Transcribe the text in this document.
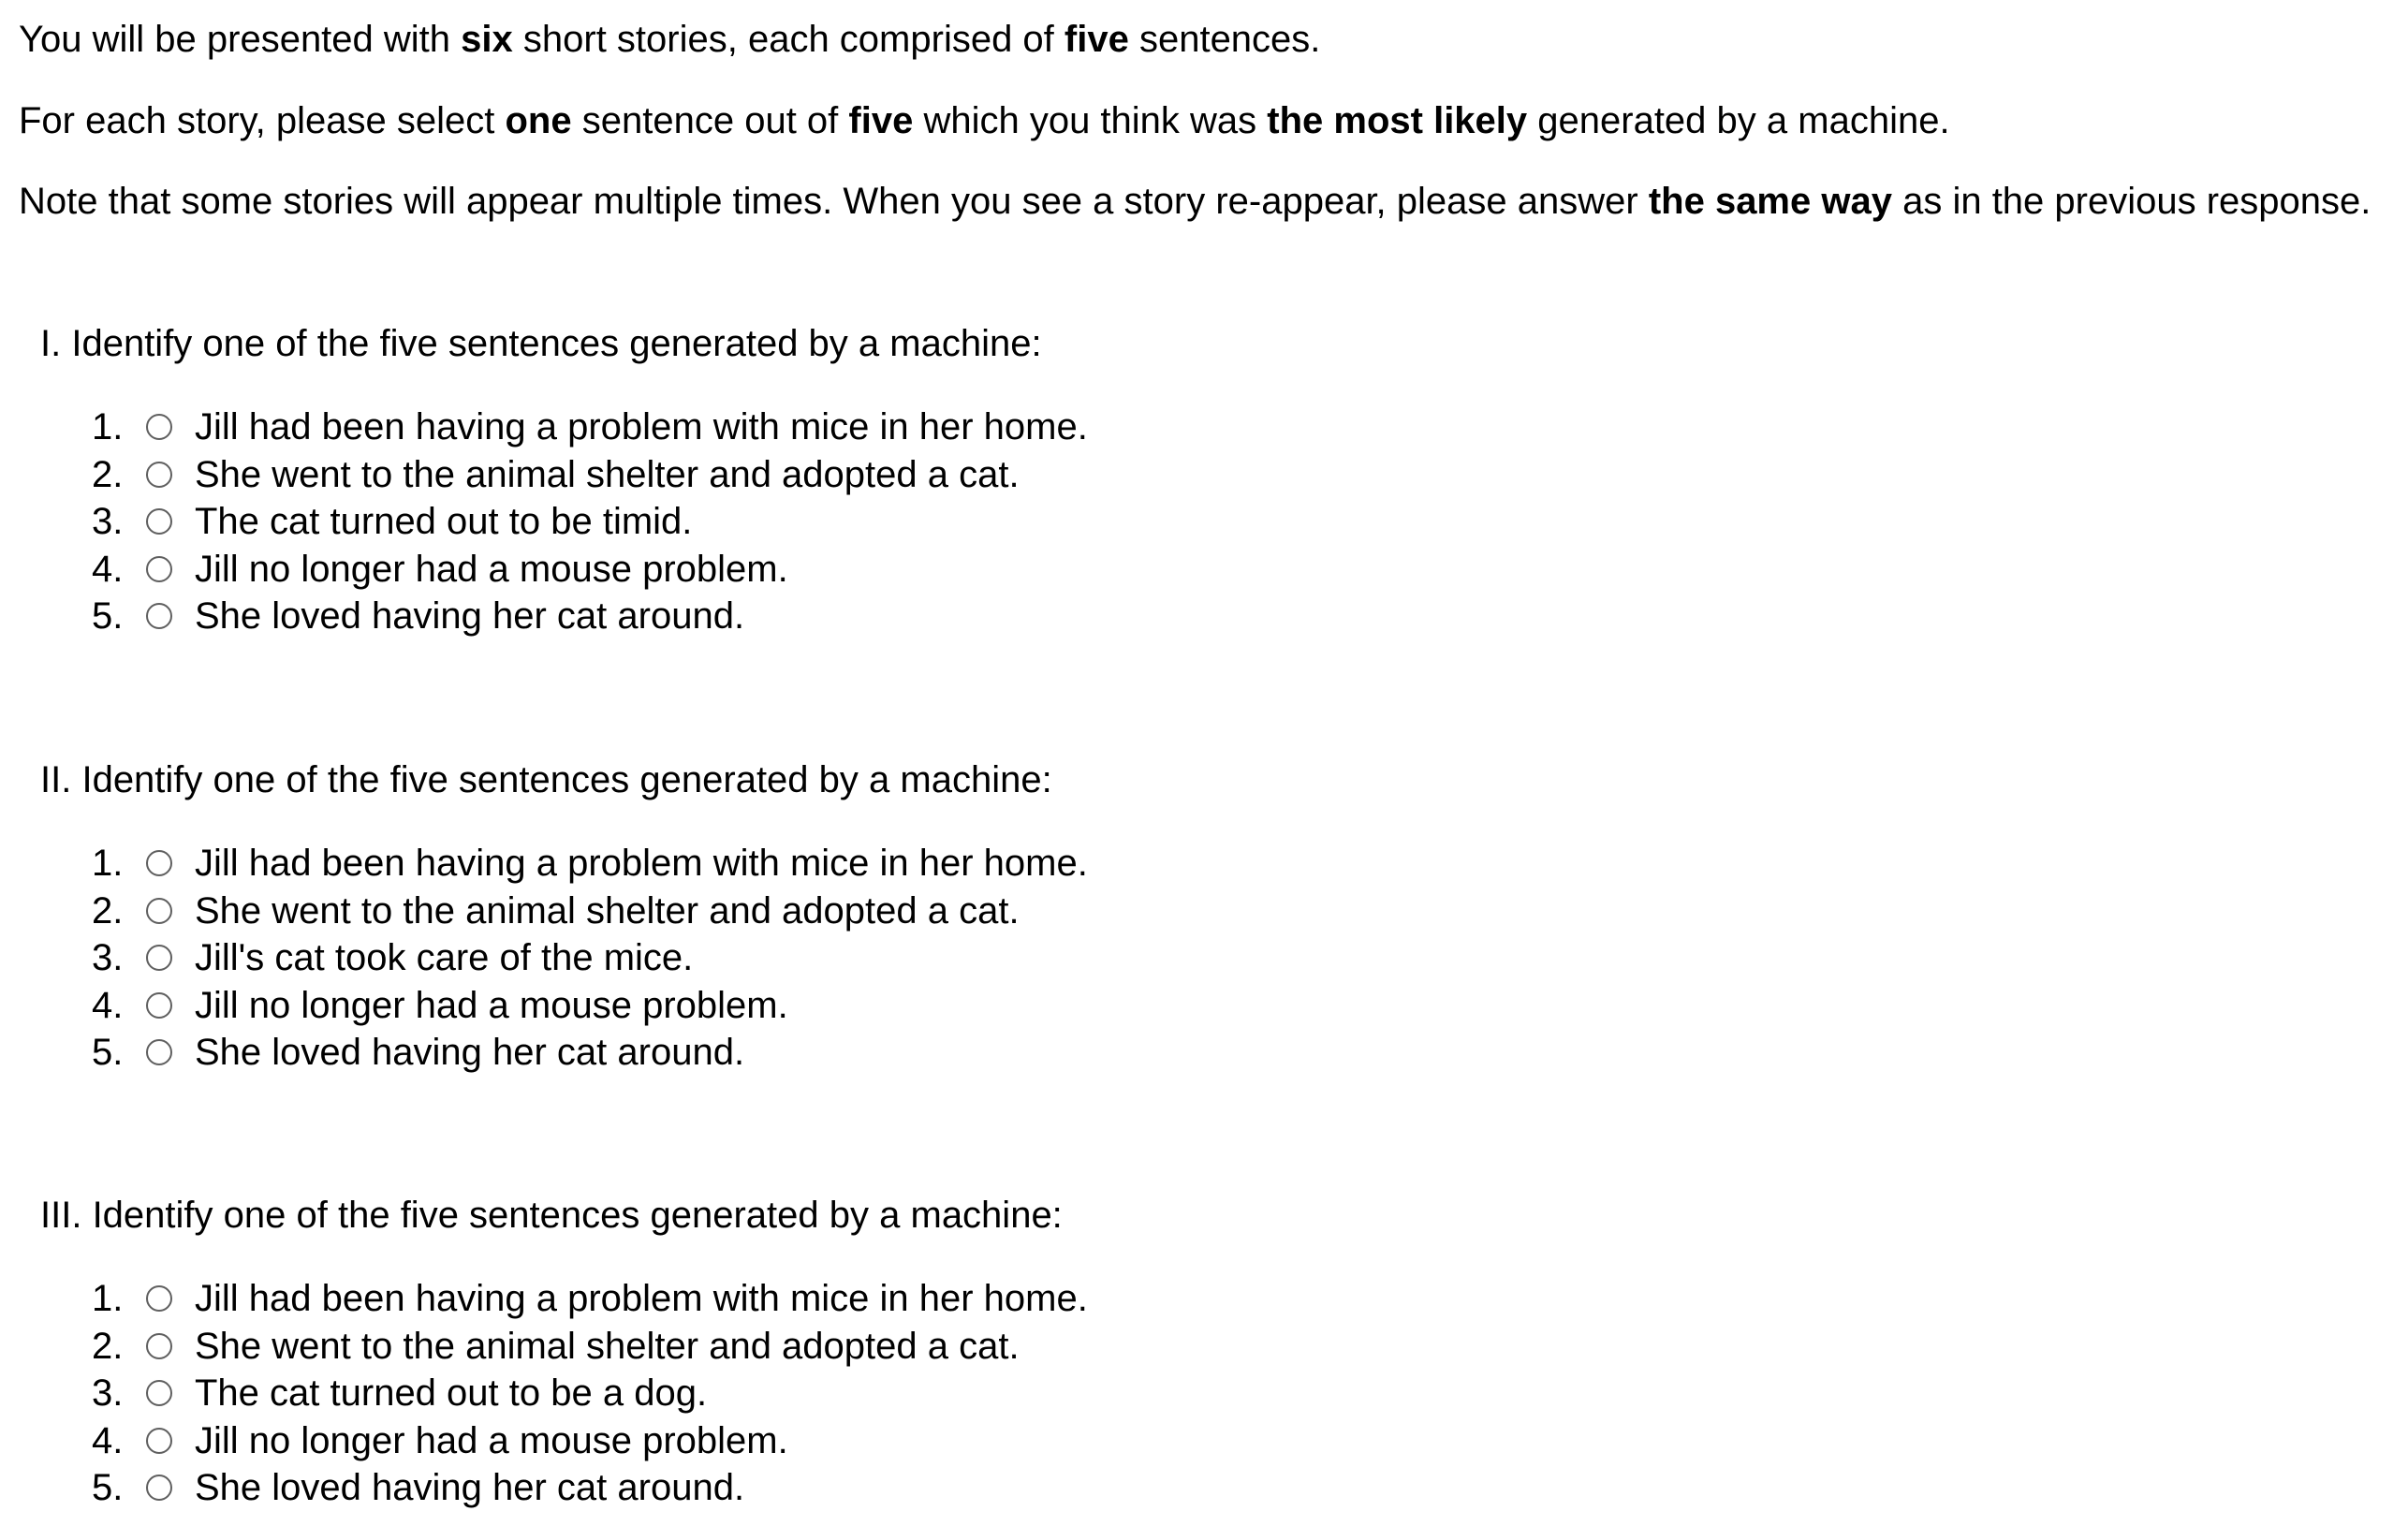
You will be presented with six short stories, each comprised of five sentences.

For each story, please select one sentence out of five which you think was the most likely generated by a machine.

Note that some stories will appear multiple times. When you see a story re-appear, please answer the same way as in the previous response.

I. Identify one of the five sentences generated by a machine:

1.	Jill had been having a problem with mice in her home.
2.	She went to the animal shelter and adopted a cat.
3.	The cat turned out to be timid.
4.	Jill no longer had a mouse problem.
5.	She loved having her cat around.

II. Identify one of the five sentences generated by a machine:

1.	Jill had been having a problem with mice in her home.
2.	She went to the animal shelter and adopted a cat.
3.	Jill's cat took care of the mice.
4.	Jill no longer had a mouse problem.
5.	She loved having her cat around.

III. Identify one of the five sentences generated by a machine:

1.	Jill had been having a problem with mice in her home.
2.	She went to the animal shelter and adopted a cat.
3.	The cat turned out to be a dog.
4.	Jill no longer had a mouse problem.
5.	She loved having her cat around.
